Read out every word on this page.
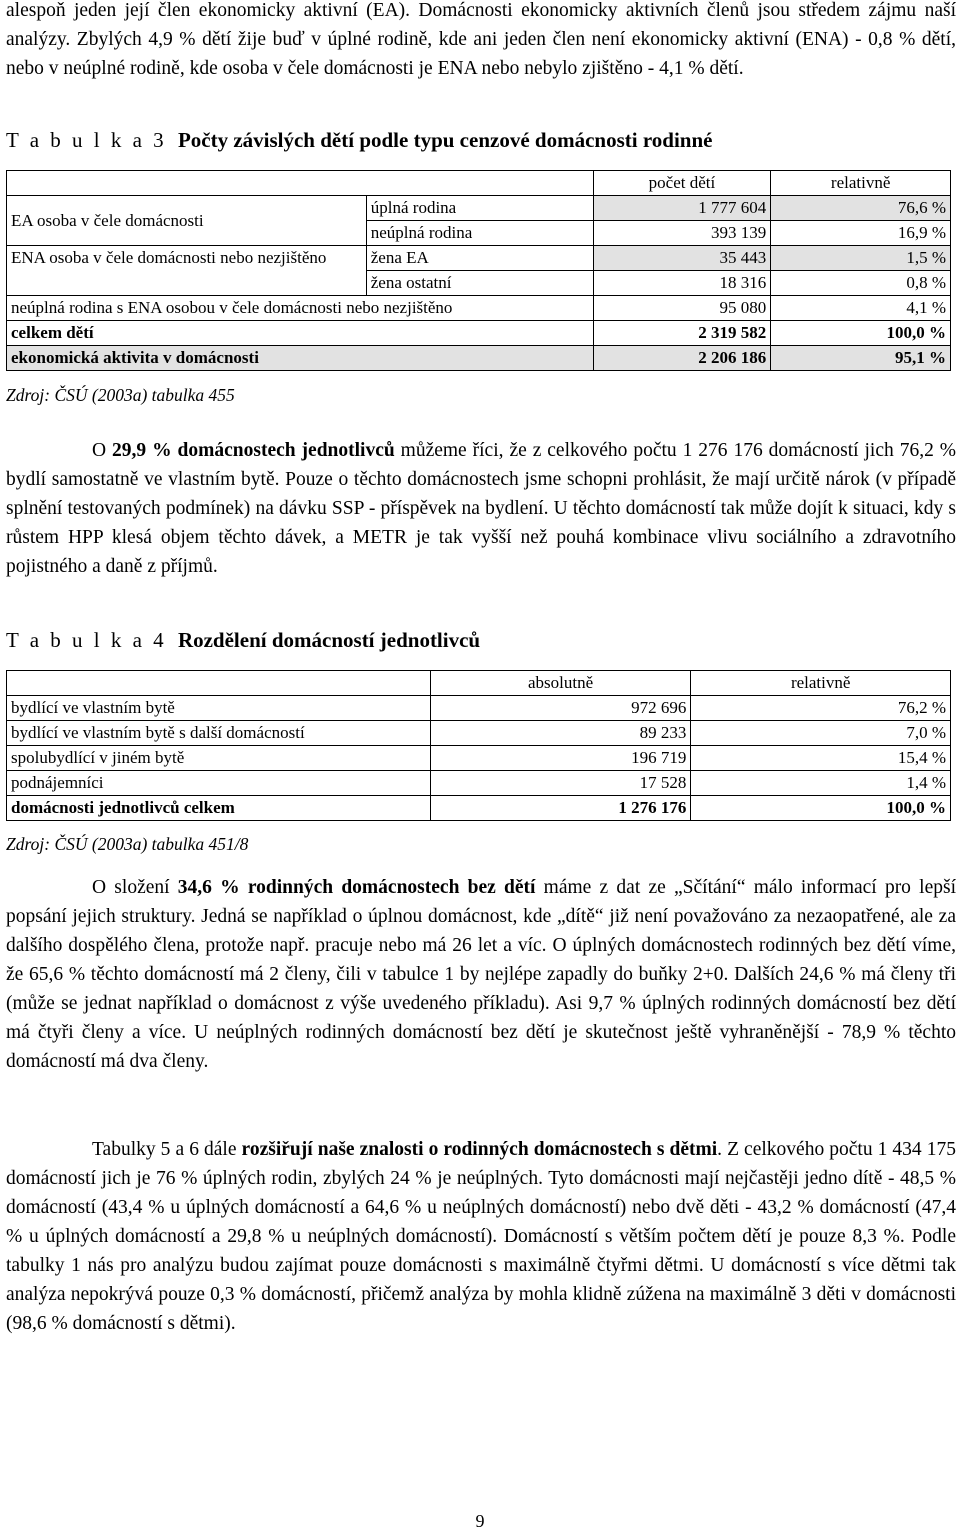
alespoň jeden její člen ekonomicky aktivní (EA). Domácnosti ekonomicky aktivních členů jsou středem zájmu naší analýzy. Zbylých 4,9 % dětí žije buď v úplné rodině, kde ani jeden člen není ekonomicky aktivní (ENA) - 0,8 % dětí, nebo v neúplné rodině, kde osoba v čele domácnosti je ENA nebo nebylo zjištěno - 4,1 % dětí.

T a b u l k a 3 Počty závislých dětí podle typu cenzové domácnosti rodinné
		počet dětí	relativně
EA osoba v čele domácnosti	úplná rodina	1 777 604	76,6 %
	neúplná rodina	393 139	16,9 %
ENA osoba v čele domácnosti nebo nezjištěno	žena EA	35 443	1,5 %
	žena ostatní	18 316	0,8 %
neúplná rodina s ENA osobou v čele domácnosti nebo nezjištěno		95 080	4,1 %
celkem dětí		2 319 582	100,0 %
ekonomická aktivita v domácnosti		2 206 186	95,1 %
Zdroj: ČSÚ (2003a) tabulka 455

O 29,9 % domácnostech jednotlivců můžeme říci, že z celkového počtu 1 276 176 domácností jich 76,2 % bydlí samostatně ve vlastním bytě. Pouze o těchto domácnostech jsme schopni prohlásit, že mají určitě nárok (v případě splnění testovaných podmínek) na dávku SSP - příspěvek na bydlení. U těchto domácností tak může dojít k situaci, kdy s růstem HPP klesá objem těchto dávek, a METR je tak vyšší než pouhá kombinace vlivu sociálního a zdravotního pojistného a daně z příjmů.

T a b u l k a 4 Rozdělení domácností jednotlivců
	absolutně	relativně
bydlící ve vlastním bytě	972 696	76,2 %
bydlící ve vlastním bytě s další domácností	89 233	7,0 %
spolubydlící v jiném bytě	196 719	15,4 %
podnájemníci	17 528	1,4 %
domácnosti jednotlivců celkem	1 276 176	100,0 %
Zdroj: ČSÚ (2003a) tabulka 451/8

O složení 34,6 % rodinných domácnostech bez dětí máme z dat ze „Sčítání“ málo informací pro lepší popsání jejich struktury. Jedná se například o úplnou domácnost, kde „dítě“ již není považováno za nezaopatřené, ale za dalšího dospělého člena, protože např. pracuje nebo má 26 let a víc. O úplných domácnostech rodinných bez dětí víme, že 65,6 % těchto domácností má 2 členy, čili v tabulce 1 by nejlépe zapadly do buňky 2+0. Dalších 24,6 % má členy tři (může se jednat například o domácnost z výše uvedeného příkladu). Asi 9,7 % úplných rodinných domácností bez dětí má čtyři členy a více. U neúplných rodinných domácností bez dětí je skutečnost ještě vyhraněnější - 78,9 % těchto domácností má dva členy.

Tabulky 5 a 6 dále rozšiřují naše znalosti o rodinných domácnostech s dětmi. Z celkového počtu 1 434 175 domácností jich je 76 % úplných rodin, zbylých 24 % je neúplných. Tyto domácnosti mají nejčastěji jedno dítě - 48,5 % domácností (43,4 % u úplných domácností a 64,6 % u neúplných domácností) nebo dvě děti - 43,2 % domácností (47,4 % u úplných domácností a 29,8 % u neúplných domácností). Domácností s větším počtem dětí je pouze 8,3 %. Podle tabulky 1 nás pro analýzu budou zajímat pouze domácnosti s maximálně čtyřmi dětmi. U domácností s více dětmi tak analýza nepokrývá pouze 0,3 % domácností, přičemž analýza by mohla klidně zúžena na maximálně 3 děti v domácnosti (98,6 % domácností s dětmi).

9
